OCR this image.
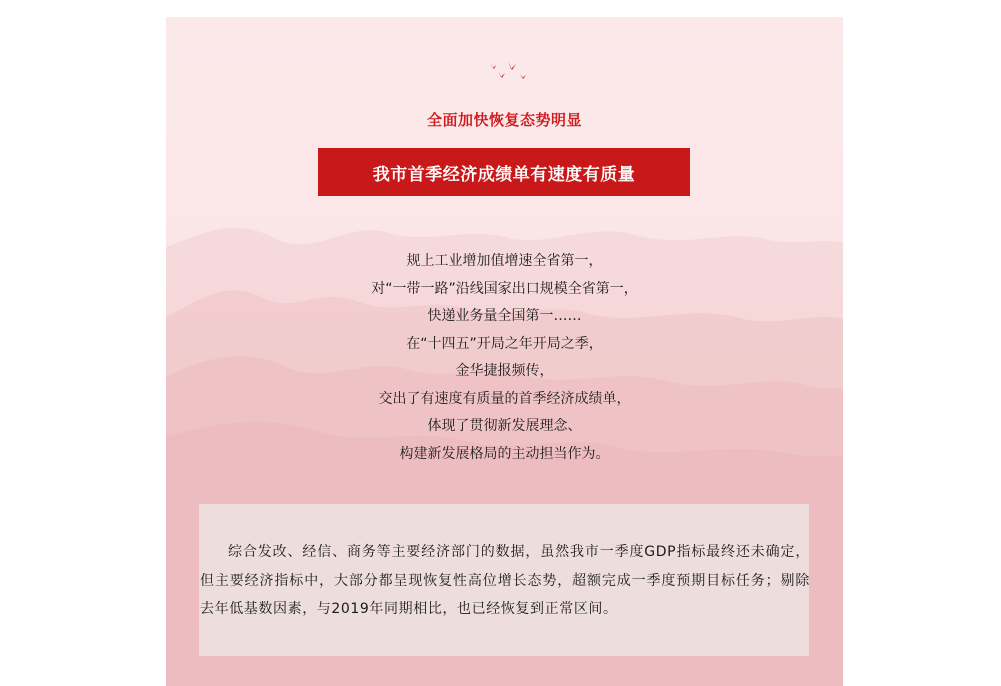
全面加快恢复态势明显
我市首季经济成绩单有速度有质量
规上工业增加值增速全省第一，
对“一带一路”沿线国家出口规模全省第一，
快递业务量全国第一……
在“十四五”开局之年开局之季，
金华捷报频传，
交出了有速度有质量的首季经济成绩单，
体现了贯彻新发展理念、
构建新发展格局的主动担当作为。

综合发改、经信、商务等主要经济部门的数据，虽然我市一季度GDP指标最终还未确定，但主要经济指标中，大部分都呈现恢复性高位增长态势，超额完成一季度预期目标任务；剔除去年低基数因素，与2019年同期相比，也已经恢复到正常区间。
